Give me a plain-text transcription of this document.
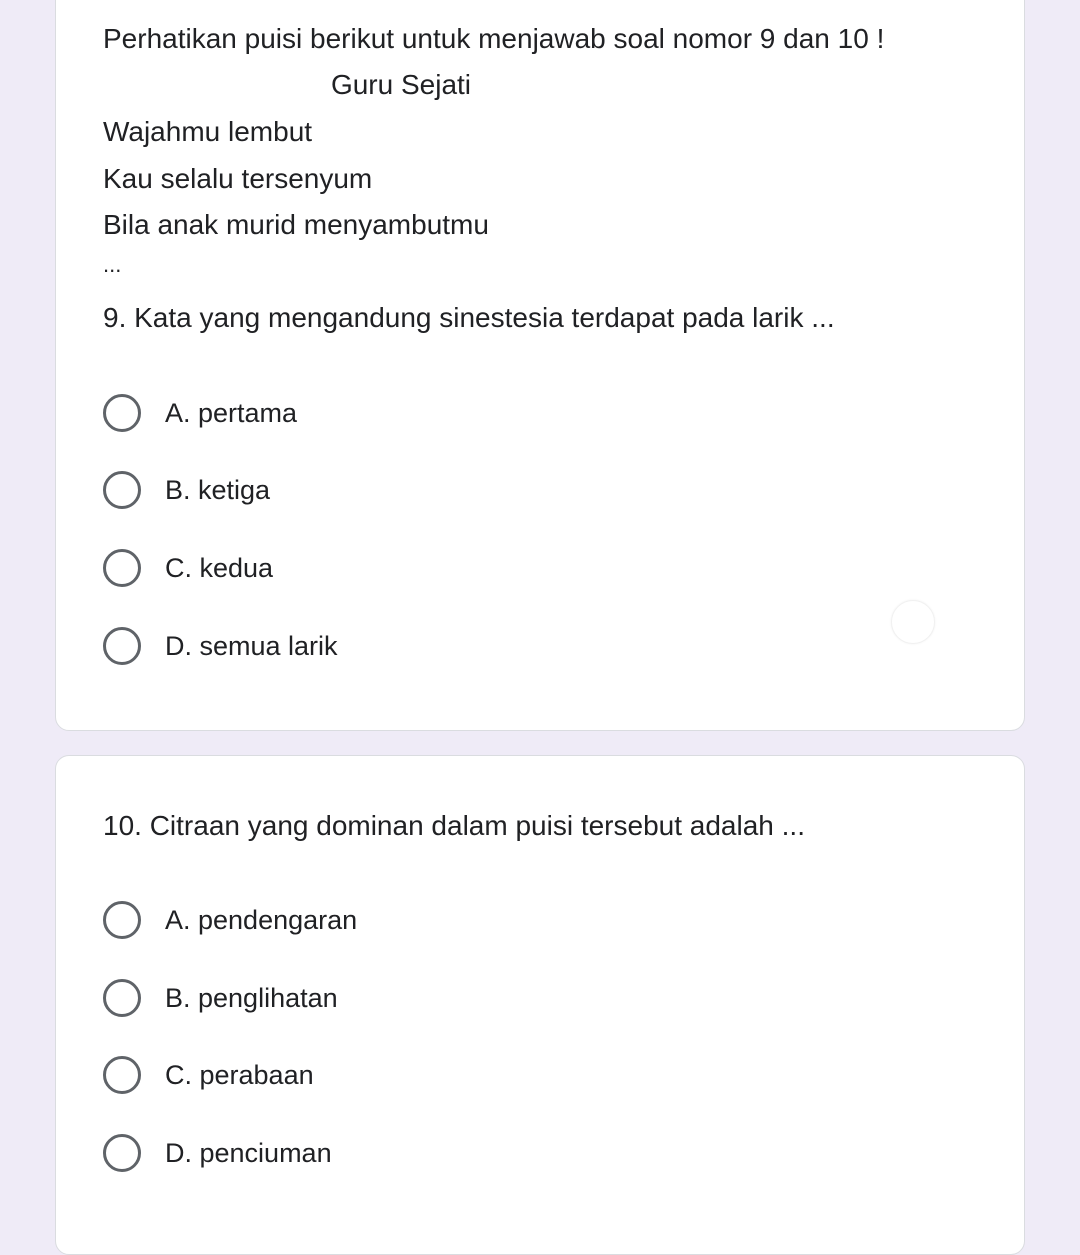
Perhatikan puisi berikut untuk menjawab soal nomor 9 dan 10 !
Guru Sejati
Wajahmu lembut
Kau selalu tersenyum
Bila anak murid menyambutmu
...
9. Kata yang mengandung sinestesia terdapat pada larik ...
A. pertama
B. ketiga
C. kedua
D. semua larik
10. Citraan yang dominan dalam puisi tersebut adalah ...
A. pendengaran
B. penglihatan
C. perabaan
D. penciuman
